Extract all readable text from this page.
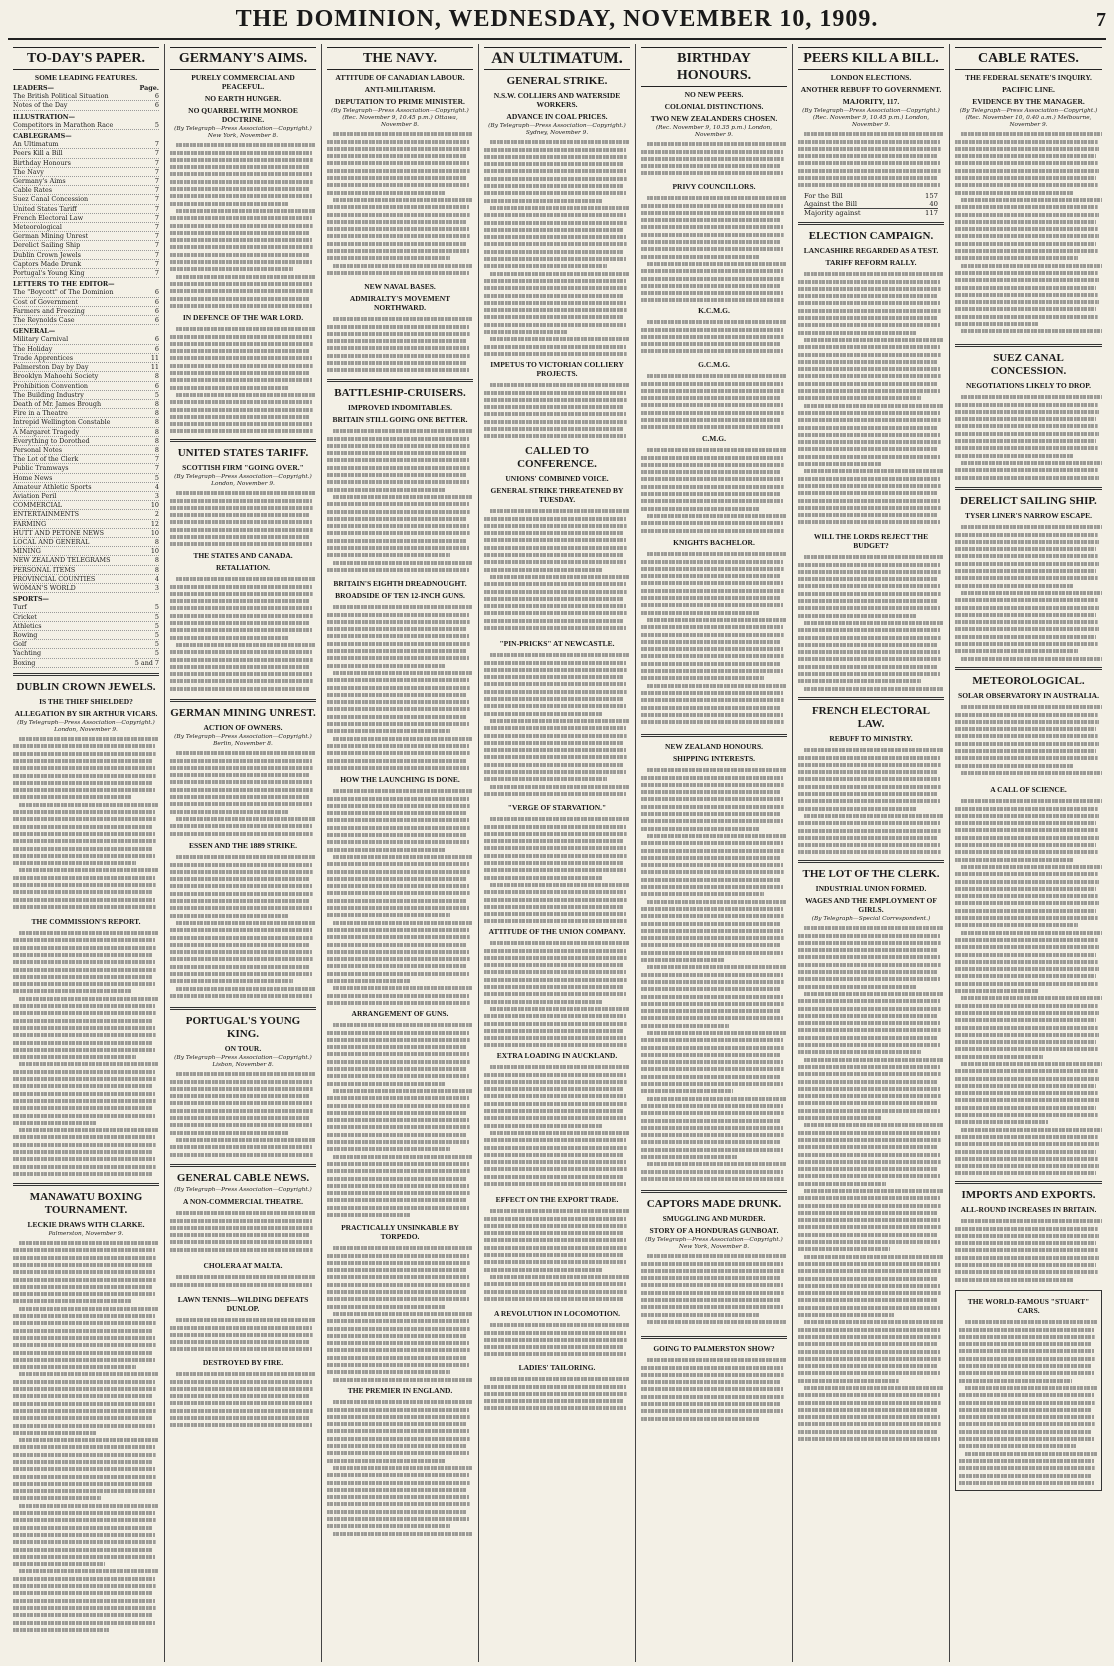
THE DOMINION, WEDNESDAY, NOVEMBER 10, 1909.	7
TO-DAY'S PAPER.
SOME LEADING FEATURES.
LEADERS—	Page.
The British Political Situation	6
Notes of the Day	6
ILLUSTRATION—
Competitors in Marathon Race	5
CABLEGRAMS—
An Ultimatum	7
Peers Kill a Bill	7
Birthday Honours	7
The Navy	7
Germany's Aims	7
Cable Rates	7
Suez Canal Concession	7
United States Tariff	7
French Electoral Law	7
Meteorological	7
German Mining Unrest	7
Derelict Sailing Ship	7
Dublin Crown Jewels	7
Captors Made Drunk	7
Portugal's Young King	7
LETTERS TO THE EDITOR—
The "Boycott" of The Dominion	6
Cost of Government	6
Farmers and Freezing	6
The Reynolds Case	6
GENERAL—
Military Carnival	6
The Holiday	6
Trade Apprentices	11
Palmerston Day by Day	11
Brooklyn Mahoehi Society	8
Prohibition Convention	6
The Building Industry	5
Death of Mr. James Brough	8
Fire in a Theatre	8
Intrepid Wellington Constable	8
A Margaret Tragedy	8
Everything to Dorothed	8
Personal Notes	8
The Lot of the Clerk	7
Public Tramways	7
Home News	5
Amateur Athletic Sports	4
Aviation Peril	3
COMMERCIAL	10
ENTERTAINMENTS	2
FARMING	12
HUTT AND PETONE NEWS	10
LOCAL AND GENERAL	8
MINING	10
NEW ZEALAND TELEGRAMS	8
PERSONAL ITEMS	8
PROVINCIAL COUNTIES	4
WOMAN'S WORLD	3
SPORTS—
Turf	5
Cricket	5
Athletics	5
Rowing	5
Golf	5
Yachting	5
Boxing	5 and 7
DUBLIN CROWN JEWELS.
IS THE THIEF SHIELDED?
ALLEGATION BY SIR ARTHUR VICARS.
(By Telegraph—Press Association—Copyright.) London, November 9.
THE COMMISSION'S REPORT.
MANAWATU BOXING TOURNAMENT.
LECKIE DRAWS WITH CLARKE.
Palmerston, November 9.
GERMANY'S AIMS.
PURELY COMMERCIAL AND PEACEFUL.
NO EARTH HUNGER.
NO QUARREL WITH MONROE DOCTRINE.
(By Telegraph—Press Association—Copyright.) New York, November 8.
IN DEFENCE OF THE WAR LORD.
UNITED STATES TARIFF.
SCOTTISH FIRM "GOING OVER."
(By Telegraph—Press Association—Copyright.) London, November 9.
THE STATES AND CANADA.
RETALIATION.
GERMAN MINING UNREST.
ACTION OF OWNERS.
(By Telegraph—Press Association—Copyright.) Berlin, November 8.
ESSEN AND THE 1889 STRIKE.
PORTUGAL'S YOUNG KING.
ON TOUR.
(By Telegraph—Press Association—Copyright.) Lisbon, November 8.
GENERAL CABLE NEWS.
(By Telegraph—Press Association—Copyright.)
A NON-COMMERCIAL THEATRE.
CHOLERA AT MALTA.
LAWN TENNIS—WILDING DEFEATS DUNLOP.
DESTROYED BY FIRE.
THE NAVY.
ATTITUDE OF CANADIAN LABOUR.
ANTI-MILITARISM.
DEPUTATION TO PRIME MINISTER.
(By Telegraph—Press Association—Copyright.) (Rec. November 9, 10.45 p.m.) Ottawa, November 8.
NEW NAVAL BASES.
ADMIRALTY'S MOVEMENT NORTHWARD.
BATTLESHIP-CRUISERS.
IMPROVED INDOMITABLES.
BRITAIN STILL GOING ONE BETTER.
BRITAIN'S EIGHTH DREADNOUGHT.
BROADSIDE OF TEN 12-INCH GUNS.
HOW THE LAUNCHING IS DONE.
ARRANGEMENT OF GUNS.
PRACTICALLY UNSINKABLE BY TORPEDO.
THE PREMIER IN ENGLAND.
AN ULTIMATUM.
GENERAL STRIKE.
N.S.W. COLLIERS AND WATERSIDE WORKERS.
ADVANCE IN COAL PRICES.
(By Telegraph—Press Association—Copyright.) Sydney, November 9.
IMPETUS TO VICTORIAN COLLIERY PROJECTS.
CALLED TO CONFERENCE.
UNIONS' COMBINED VOICE.
GENERAL STRIKE THREATENED BY TUESDAY.
"PIN-PRICKS" AT NEWCASTLE.
"VERGE OF STARVATION."
ATTITUDE OF THE UNION COMPANY.
EXTRA LOADING IN AUCKLAND.
EFFECT ON THE EXPORT TRADE.
A REVOLUTION IN LOCOMOTION.
LADIES' TAILORING.
BIRTHDAY HONOURS.
NO NEW PEERS.
COLONIAL DISTINCTIONS.
TWO NEW ZEALANDERS CHOSEN.
(Rec. November 9, 10.35 p.m.) London, November 9.
PRIVY COUNCILLORS.
K.C.M.G.
G.C.M.G.
C.M.G.
KNIGHTS BACHELOR.
NEW ZEALAND HONOURS.
SHIPPING INTERESTS.
CAPTORS MADE DRUNK.
SMUGGLING AND MURDER.
STORY OF A HONDURAS GUNBOAT.
(By Telegraph—Press Association—Copyright.) New York, November 8.
GOING TO PALMERSTON SHOW?
PEERS KILL A BILL.
LONDON ELECTIONS.
ANOTHER REBUFF TO GOVERNMENT.
MAJORITY, 117.
(By Telegraph—Press Association—Copyright.) (Rec. November 9, 10.45 p.m.) London, November 9.
For the Bill	157
Against the Bill	40
Majority against	117
ELECTION CAMPAIGN.
LANCASHIRE REGARDED AS A TEST.
TARIFF REFORM RALLY.
WILL THE LORDS REJECT THE BUDGET?
FRENCH ELECTORAL LAW.
REBUFF TO MINISTRY.
THE LOT OF THE CLERK.
INDUSTRIAL UNION FORMED.
WAGES AND THE EMPLOYMENT OF GIRLS.
(By Telegraph—Special Correspondent.)
CABLE RATES.
THE FEDERAL SENATE'S INQUIRY.
PACIFIC LINE.
EVIDENCE BY THE MANAGER.
(By Telegraph—Press Association—Copyright.) (Rec. November 10, 0.40 a.m.) Melbourne, November 9.
SUEZ CANAL CONCESSION.
NEGOTIATIONS LIKELY TO DROP.
DERELICT SAILING SHIP.
TYSER LINER'S NARROW ESCAPE.
METEOROLOGICAL.
SOLAR OBSERVATORY IN AUSTRALIA.
A CALL OF SCIENCE.
IMPORTS AND EXPORTS.
ALL-ROUND INCREASES IN BRITAIN.
THE WORLD-FAMOUS "STUART" CARS.
